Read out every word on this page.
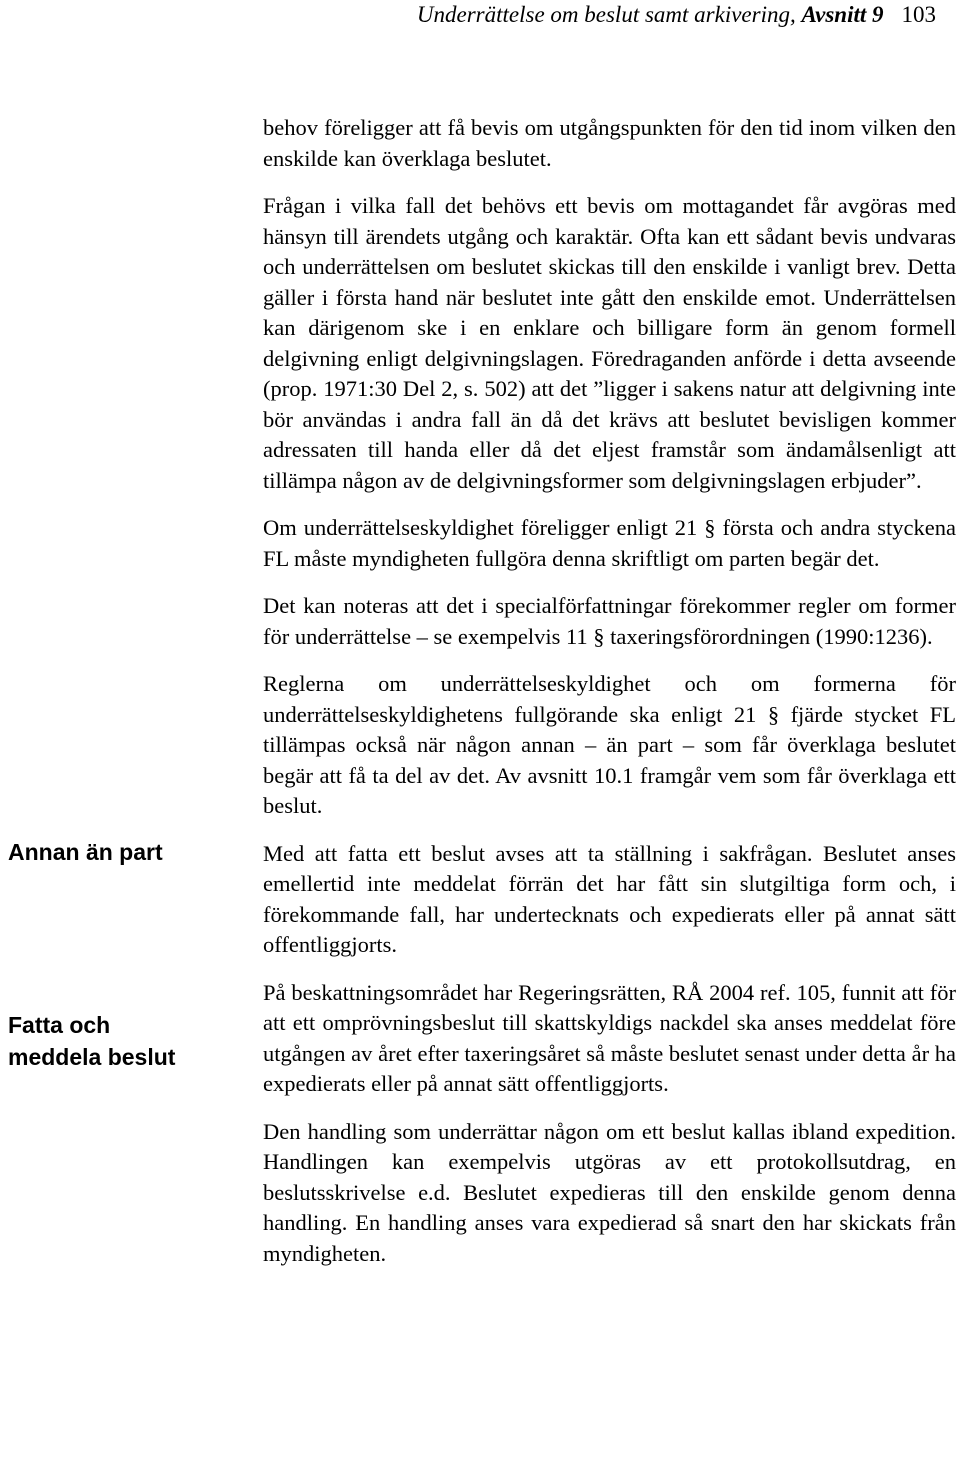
Underrättelse om beslut samt arkivering, Avsnitt 9 103
Annan än part
Fatta och meddela beslut

behov föreligger att få bevis om utgångspunkten för den tid inom vilken den enskilde kan överklaga beslutet.

Frågan i vilka fall det behövs ett bevis om mottagandet får avgöras med hänsyn till ärendets utgång och karaktär. Ofta kan ett sådant bevis undvaras och underrättelsen om beslutet skickas till den enskilde i vanligt brev. Detta gäller i första hand när beslutet inte gått den enskilde emot. Underrättelsen kan därigenom ske i en enklare och billigare form än genom formell delgivning enligt delgivningslagen. Föredraganden anförde i detta avseende (prop. 1971:30 Del 2, s. 502) att det ”ligger i sakens natur att delgivning inte bör användas i andra fall än då det krävs att beslutet bevisligen kommer adressaten till handa eller då det eljest framstår som ändamålsenligt att tillämpa någon av de delgivningsformer som delgivningslagen erbjuder”.

Om underrättelseskyldighet föreligger enligt 21 § första och andra styckena FL måste myndigheten fullgöra denna skriftligt om parten begär det.

Det kan noteras att det i specialförfattningar förekommer regler om former för underrättelse – se exempelvis 11 § taxeringsförordningen (1990:1236).

Reglerna om underrättelseskyldighet och om formerna för underrättelseskyldighetens fullgörande ska enligt 21 § fjärde stycket FL tillämpas också när någon annan – än part – som får överklaga beslutet begär att få ta del av det. Av avsnitt 10.1 framgår vem som får överklaga ett beslut.

Med att fatta ett beslut avses att ta ställning i sakfrågan. Beslutet anses emellertid inte meddelat förrän det har fått sin slutgiltiga form och, i förekommande fall, har undertecknats och expedierats eller på annat sätt offentliggjorts.

På beskattningsområdet har Regeringsrätten, RÅ 2004 ref. 105, funnit att för att ett omprövningsbeslut till skattskyldigs nackdel ska anses meddelat före utgången av året efter taxeringsåret så måste beslutet senast under detta år ha expedierats eller på annat sätt offentliggjorts.

Den handling som underrättar någon om ett beslut kallas ibland expedition. Handlingen kan exempelvis utgöras av ett protokollsutdrag, en beslutsskrivelse e.d. Beslutet expedieras till den enskilde genom denna handling. En handling anses vara expedierad så snart den har skickats från myndigheten.
